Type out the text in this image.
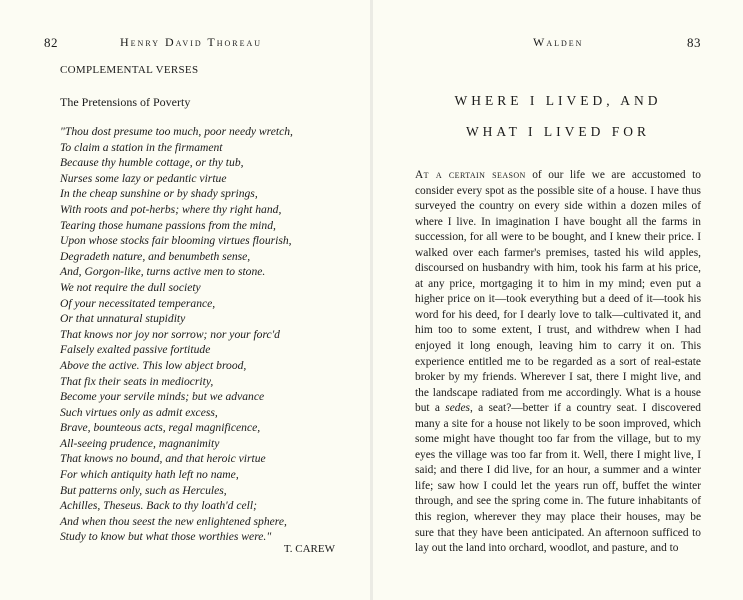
82	Henry David Thoreau
COMPLEMENTAL VERSES
The Pretensions of Poverty
"Thou dost presume too much, poor needy wretch,
To claim a station in the firmament
Because thy humble cottage, or thy tub,
Nurses some lazy or pedantic virtue
In the cheap sunshine or by shady springs,
With roots and pot-herbs; where thy right hand,
Tearing those humane passions from the mind,
Upon whose stocks fair blooming virtues flourish,
Degradeth nature, and benumbeth sense,
And, Gorgon-like, turns active men to stone.
We not require the dull society
Of your necessitated temperance,
Or that unnatural stupidity
That knows nor joy nor sorrow; nor your forc'd
Falsely exalted passive fortitude
Above the active. This low abject brood,
That fix their seats in mediocrity,
Become your servile minds; but we advance
Such virtues only as admit excess,
Brave, bounteous acts, regal magnificence,
All-seeing prudence, magnanimity
That knows no bound, and that heroic virtue
For which antiquity hath left no name,
But patterns only, such as Hercules,
Achilles, Theseus. Back to thy loath'd cell;
And when thou seest the new enlightened sphere,
Study to know but what those worthies were."
T. CAREW
Walden	83
WHERE I LIVED, AND
WHAT I LIVED FOR
At a certain season of our life we are accustomed to consider every spot as the possible site of a house. I have thus surveyed the country on every side within a dozen miles of where I live. In imagination I have bought all the farms in succession, for all were to be bought, and I knew their price. I walked over each farmer's premises, tasted his wild apples, discoursed on husbandry with him, took his farm at his price, at any price, mortgaging it to him in my mind; even put a higher price on it—took everything but a deed of it—took his word for his deed, for I dearly love to talk—cultivated it, and him too to some extent, I trust, and withdrew when I had enjoyed it long enough, leaving him to carry it on. This experience entitled me to be regarded as a sort of real-estate broker by my friends. Wherever I sat, there I might live, and the landscape radiated from me accordingly. What is a house but a sedes, a seat?—better if a country seat. I discovered many a site for a house not likely to be soon improved, which some might have thought too far from the village, but to my eyes the village was too far from it. Well, there I might live, I said; and there I did live, for an hour, a summer and a winter life; saw how I could let the years run off, buffet the winter through, and see the spring come in. The future inhabitants of this region, wherever they may place their houses, may be sure that they have been anticipated. An afternoon sufficed to lay out the land into orchard, woodlot, and pasture, and to
